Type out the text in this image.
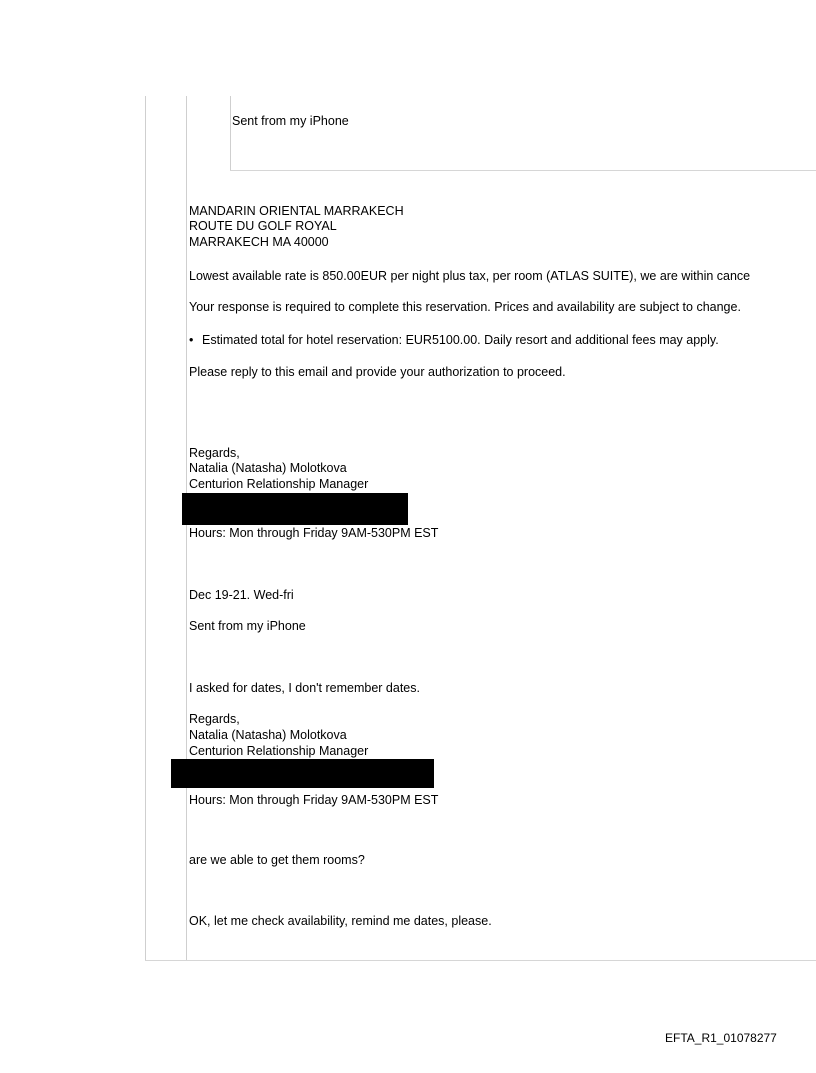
Sent from my iPhone
MANDARIN ORIENTAL MARRAKECH
ROUTE DU GOLF ROYAL
MARRAKECH MA 40000
Lowest available rate is 850.00EUR per night plus tax, per room (ATLAS SUITE), we are within cance
Your response is required to complete this reservation. Prices and availability are subject to change.
• Estimated total for hotel reservation: EUR5100.00. Daily resort and additional fees may apply.
Please reply to this email and provide your authorization to proceed.
Regards,
Natalia (Natasha) Molotkova
Centurion Relationship Manager
Hours: Mon through Friday 9AM-530PM EST
Dec 19-21. Wed-fri
Sent from my iPhone
I asked for dates, I don't remember dates.
Regards,
Natalia (Natasha) Molotkova
Centurion Relationship Manager
Hours: Mon through Friday 9AM-530PM EST
are we able to get them rooms?
OK, let me check availability, remind me dates, please.
EFTA_R1_01078277
